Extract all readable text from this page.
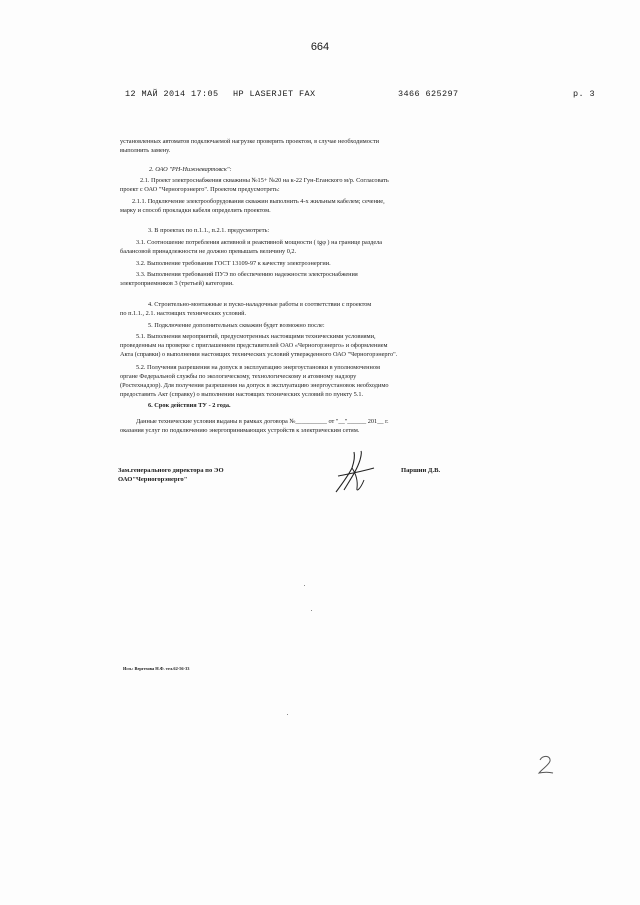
664
12 МАЙ 2014 17:05 HP LASERJET FAX	3466 625297	p. 3
установленных автоматов подключаемой нагрузке проверить проектом, в случае необходимости
выполнить замену.
2. ОАО "РН-Нижневартовск":
2.1. Проект электроснабжения скважины №15+ №20 на к-22 Гун-Еганского м/р. Согласовать
проект с ОАО "Черногорэнерго". Проектом предусмотреть:
2.1.1. Подключение электрооборудования скважин выполнить 4-х жильным кабелем; сечение,
марку и способ прокладки кабеля определить проектом.
3. В проектах по п.1.1., п.2.1. предусмотреть:
3.1. Соотношение потребления активной и реактивной мощности ( tgφ ) на границе раздела
балансовой принадлежности не должно превышать величину 0,2.
3.2. Выполнение требования ГОСТ 13109-97 к качеству электроэнергии.
3.3. Выполнения требований ПУЭ по обеспечению надежности электроснабжения
электроприемников 3 (третьей) категории.
4. Строительно-монтажные и пуско-наладочные работы в соответствии с проектом
по п.1.1., 2.1. настоящих технических условий.
5. Подключение дополнительных скважин будет возможно после:
5.1. Выполнения мероприятий, предусмотренных настоящими техническими условиями,
проведенным на проверке с приглашением представителей ОАО «Черногорэнерго» и оформлением
Акта (справки) о выполнении настоящих технических условий утвержденного ОАО "Черногорэнерго".
5.2. Получения разрешения на допуск в эксплуатацию энергоустановки в уполномоченном
органе Федеральной службы по экологическому, технологическому и атомному надзору
(Ростехнадзор). Для получения разрешения на допуск в эксплуатацию энергоустановок необходимо
предоставить Акт (справку) о выполнении настоящих технических условий по пункту 5.1.
6. Срок действия ТУ - 2 года.
Данные технические условия выданы в рамках договора №__________ от "__"______ 201__ г.
оказания услуг по подключению энергопринимающих устройств к электрическим сетям.
Зам.генерального директора по ЭО
ОАО"Черногорэнерго"
Паршин Д.В.
Исп.: Вергезова Н.Ф. тел.62-56-33
